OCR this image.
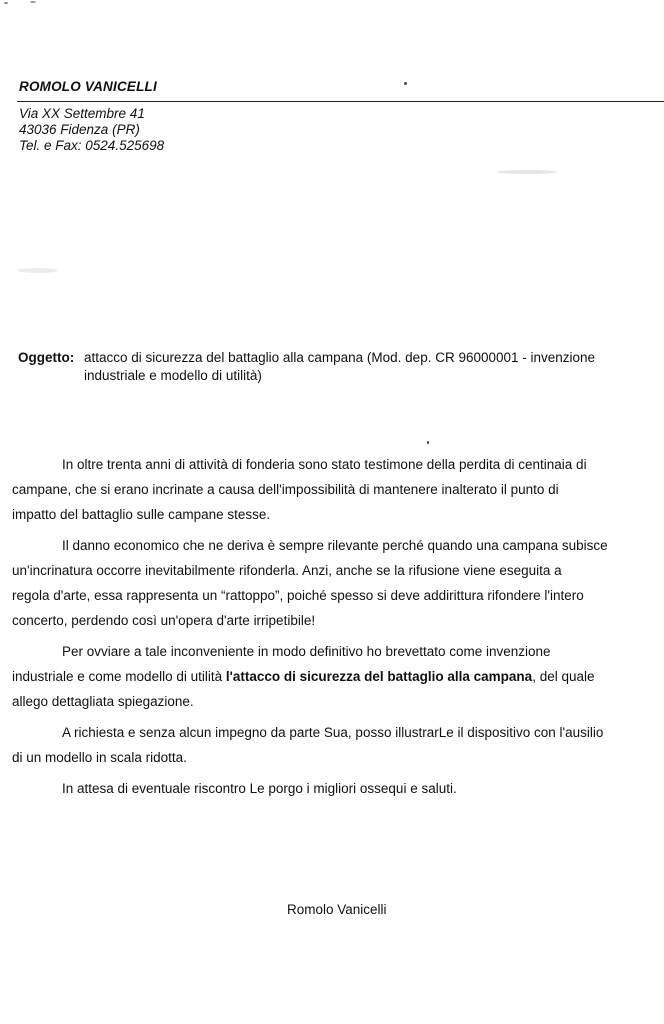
ROMOLO VANICELLI
Via XX Settembre 41
43036 Fidenza (PR)
Tel. e Fax: 0524.525698
Oggetto: attacco di sicurezza del battaglio alla campana (Mod. dep. CR 96000001 - invenzione
industriale e modello di utilità)
In oltre trenta anni di attività di fonderia sono stato testimone della perdita di centinaia di
campane, che si erano incrinate a causa dell'impossibilità di mantenere inalterato il punto di
impatto del battaglio sulle campane stesse.
Il danno economico che ne deriva è sempre rilevante perché quando una campana subisce
un'incrinatura occorre inevitabilmente rifonderla. Anzi, anche se la rifusione viene eseguita a
regola d'arte, essa rappresenta un “rattoppo”, poiché spesso si deve addirittura rifondere l'intero
concerto, perdendo così un'opera d'arte irripetibile!
Per ovviare a tale inconveniente in modo definitivo ho brevettato come invenzione
industriale e come modello di utilità l'attacco di sicurezza del battaglio alla campana, del quale
allego dettagliata spiegazione.
A richiesta e senza alcun impegno da parte Sua, posso illustrarLe il dispositivo con l'ausilio
di un modello in scala ridotta.
In attesa di eventuale riscontro Le porgo i migliori ossequi e saluti.
Romolo Vanicelli
